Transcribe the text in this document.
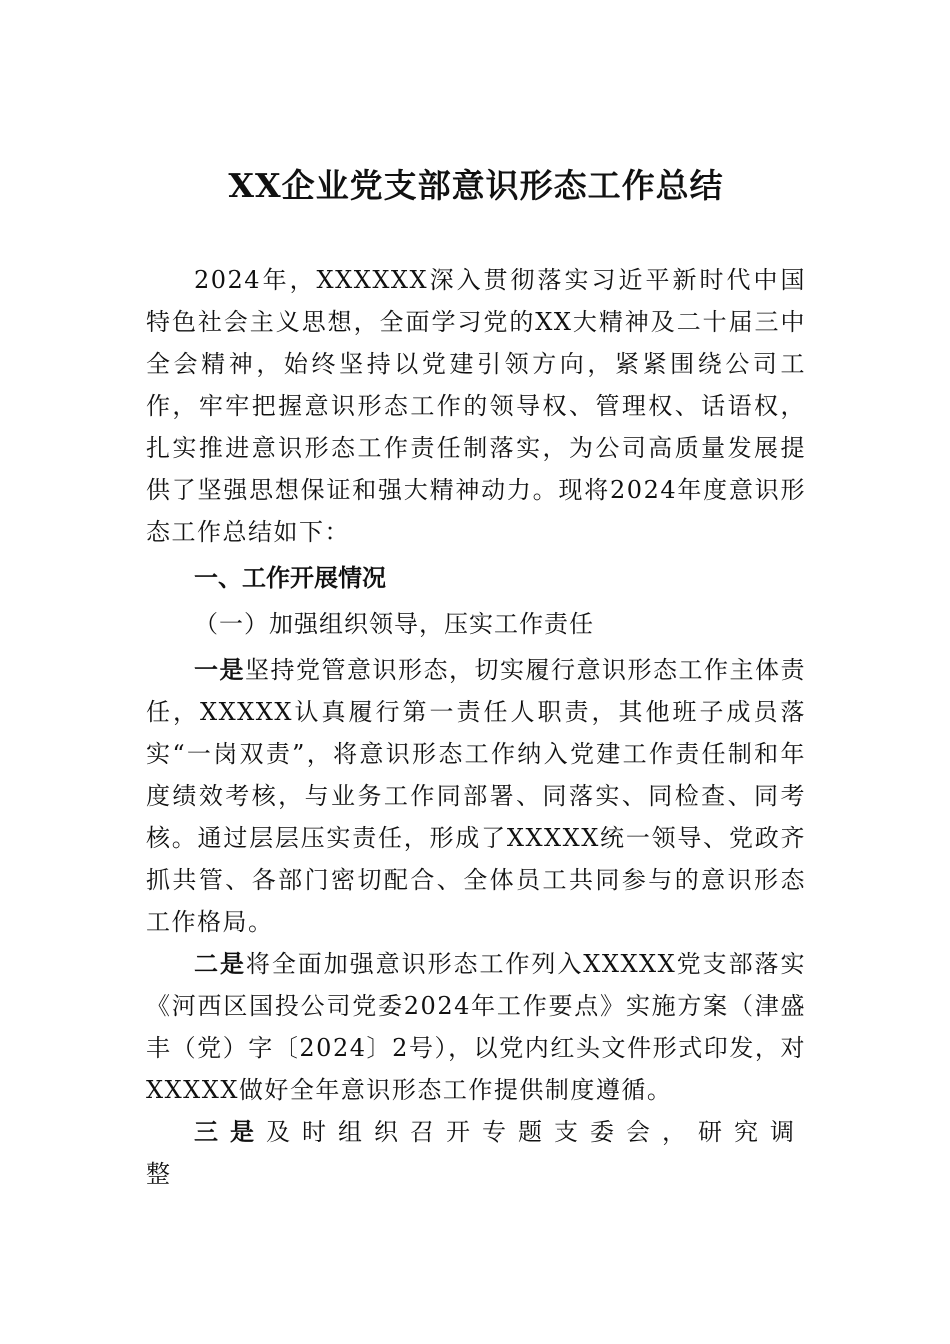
XX企业党支部意识形态工作总结

2024年，XXXXXX深入贯彻落实习近平新时代中国特色社会主义思想，全面学习党的XX大精神及二十届三中全会精神，始终坚持以党建引领方向，紧紧围绕公司工作，牢牢把握意识形态工作的领导权、管理权、话语权，扎实推进意识形态工作责任制落实，为公司高质量发展提供了坚强思想保证和强大精神动力。现将2024年度意识形态工作总结如下：

一、工作开展情况

（一）加强组织领导，压实工作责任

一是坚持党管意识形态，切实履行意识形态工作主体责任，XXXXX认真履行第一责任人职责，其他班子成员落实“一岗双责”，将意识形态工作纳入党建工作责任制和年度绩效考核，与业务工作同部署、同落实、同检查、同考核。通过层层压实责任，形成了XXXXX统一领导、党政齐抓共管、各部门密切配合、全体员工共同参与的意识形态工作格局。

二是将全面加强意识形态工作列入XXXXX党支部落实《河西区国投公司党委2024年工作要点》实施方案（津盛丰（党）字〔2024〕2号），以党内红头文件形式印发，对XXXXX做好全年意识形态工作提供制度遵循。

三是及时组织召开专题支委会，研究调整
